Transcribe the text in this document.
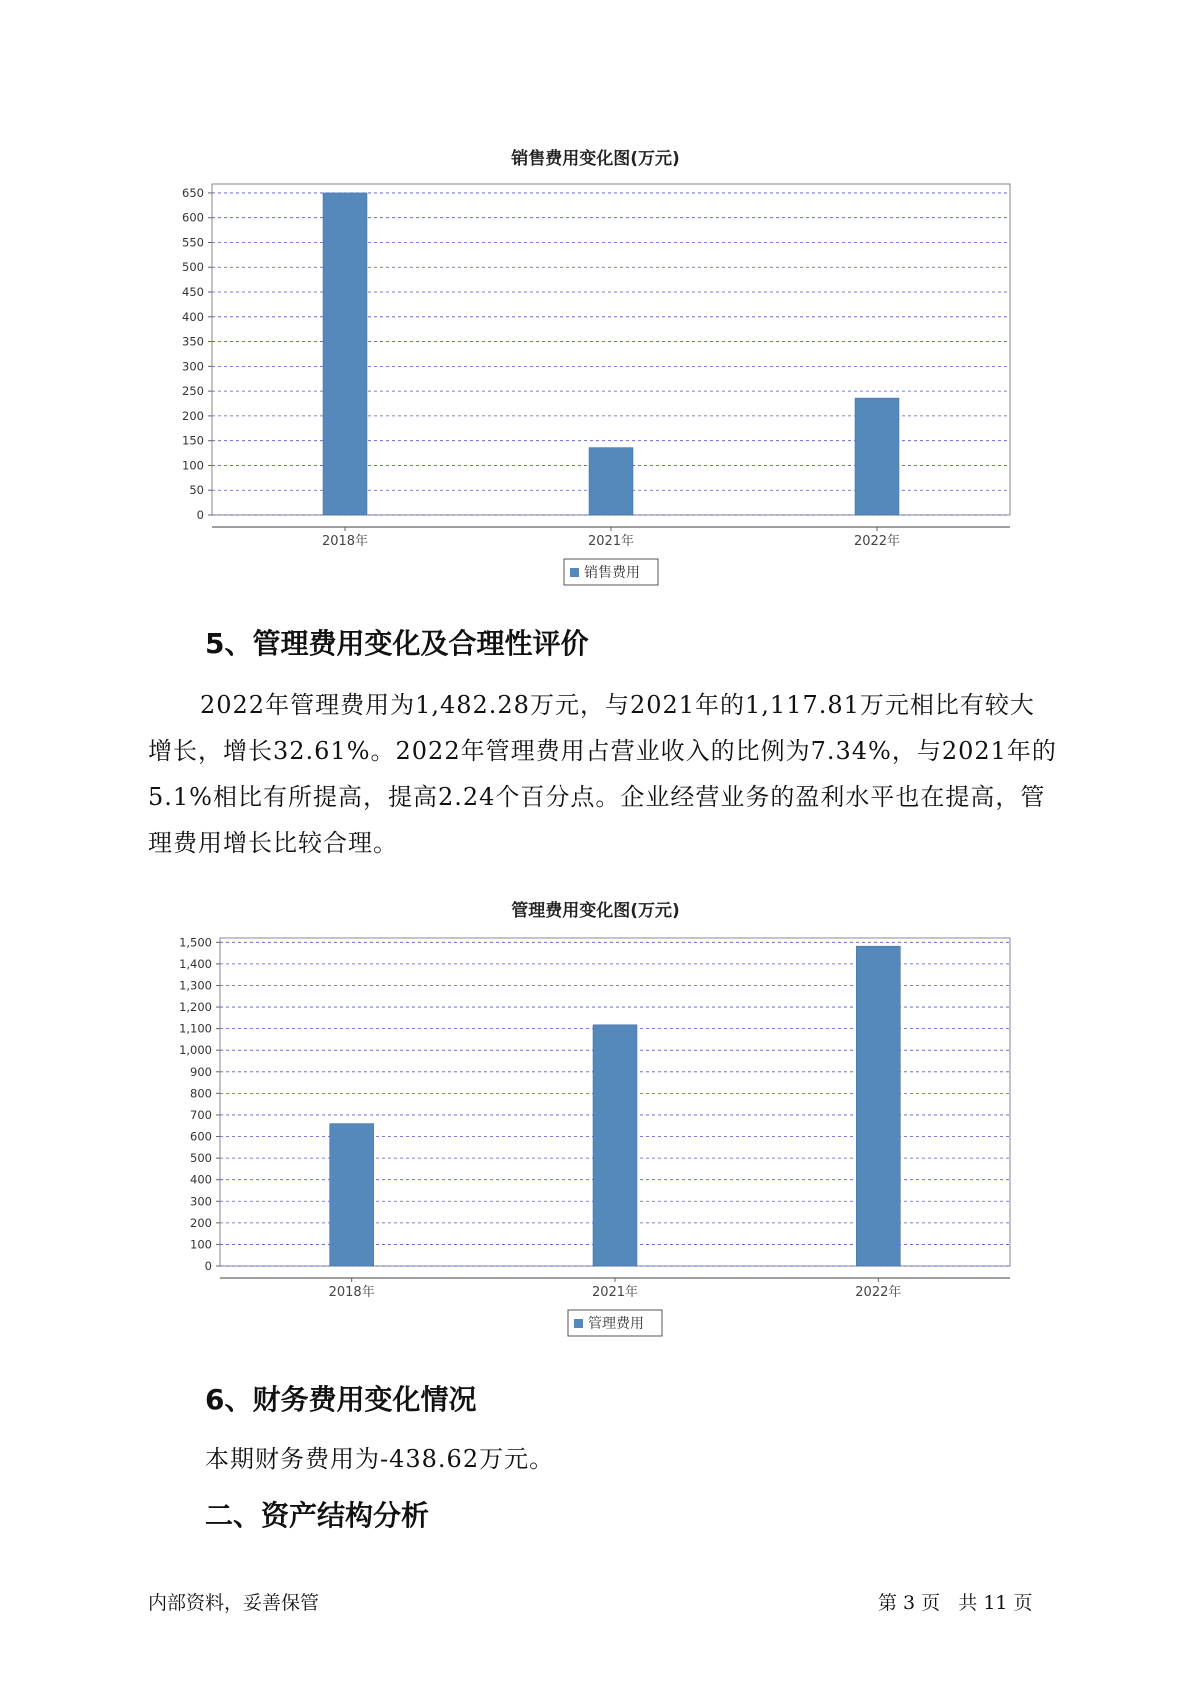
销售费用变化图(万元)
0
50
100
150
200
250
300
350
400
450
500
550
600
650
2018年	2021年	2022年
销售费用
5、管理费用变化及合理性评价

2022年管理费用为1,482.28万元，与2021年的1,117.81万元相比有较大增长，增长32.61%。2022年管理费用占营业收入的比例为7.34%，与2021年的5.1%相比有所提高，提高2.24个百分点。企业经营业务的盈利水平也在提高，管理费用增长比较合理。

管理费用变化图(万元)
0
100
200
300
400
500
600
700
800
900
1,000
1,100
1,200
1,300
1,400
1,500
2018年	2021年	2022年
管理费用
6、财务费用变化情况

本期财务费用为-438.62万元。

二、资产结构分析
内部资料，妥善保管	第 3 页   共 11 页
